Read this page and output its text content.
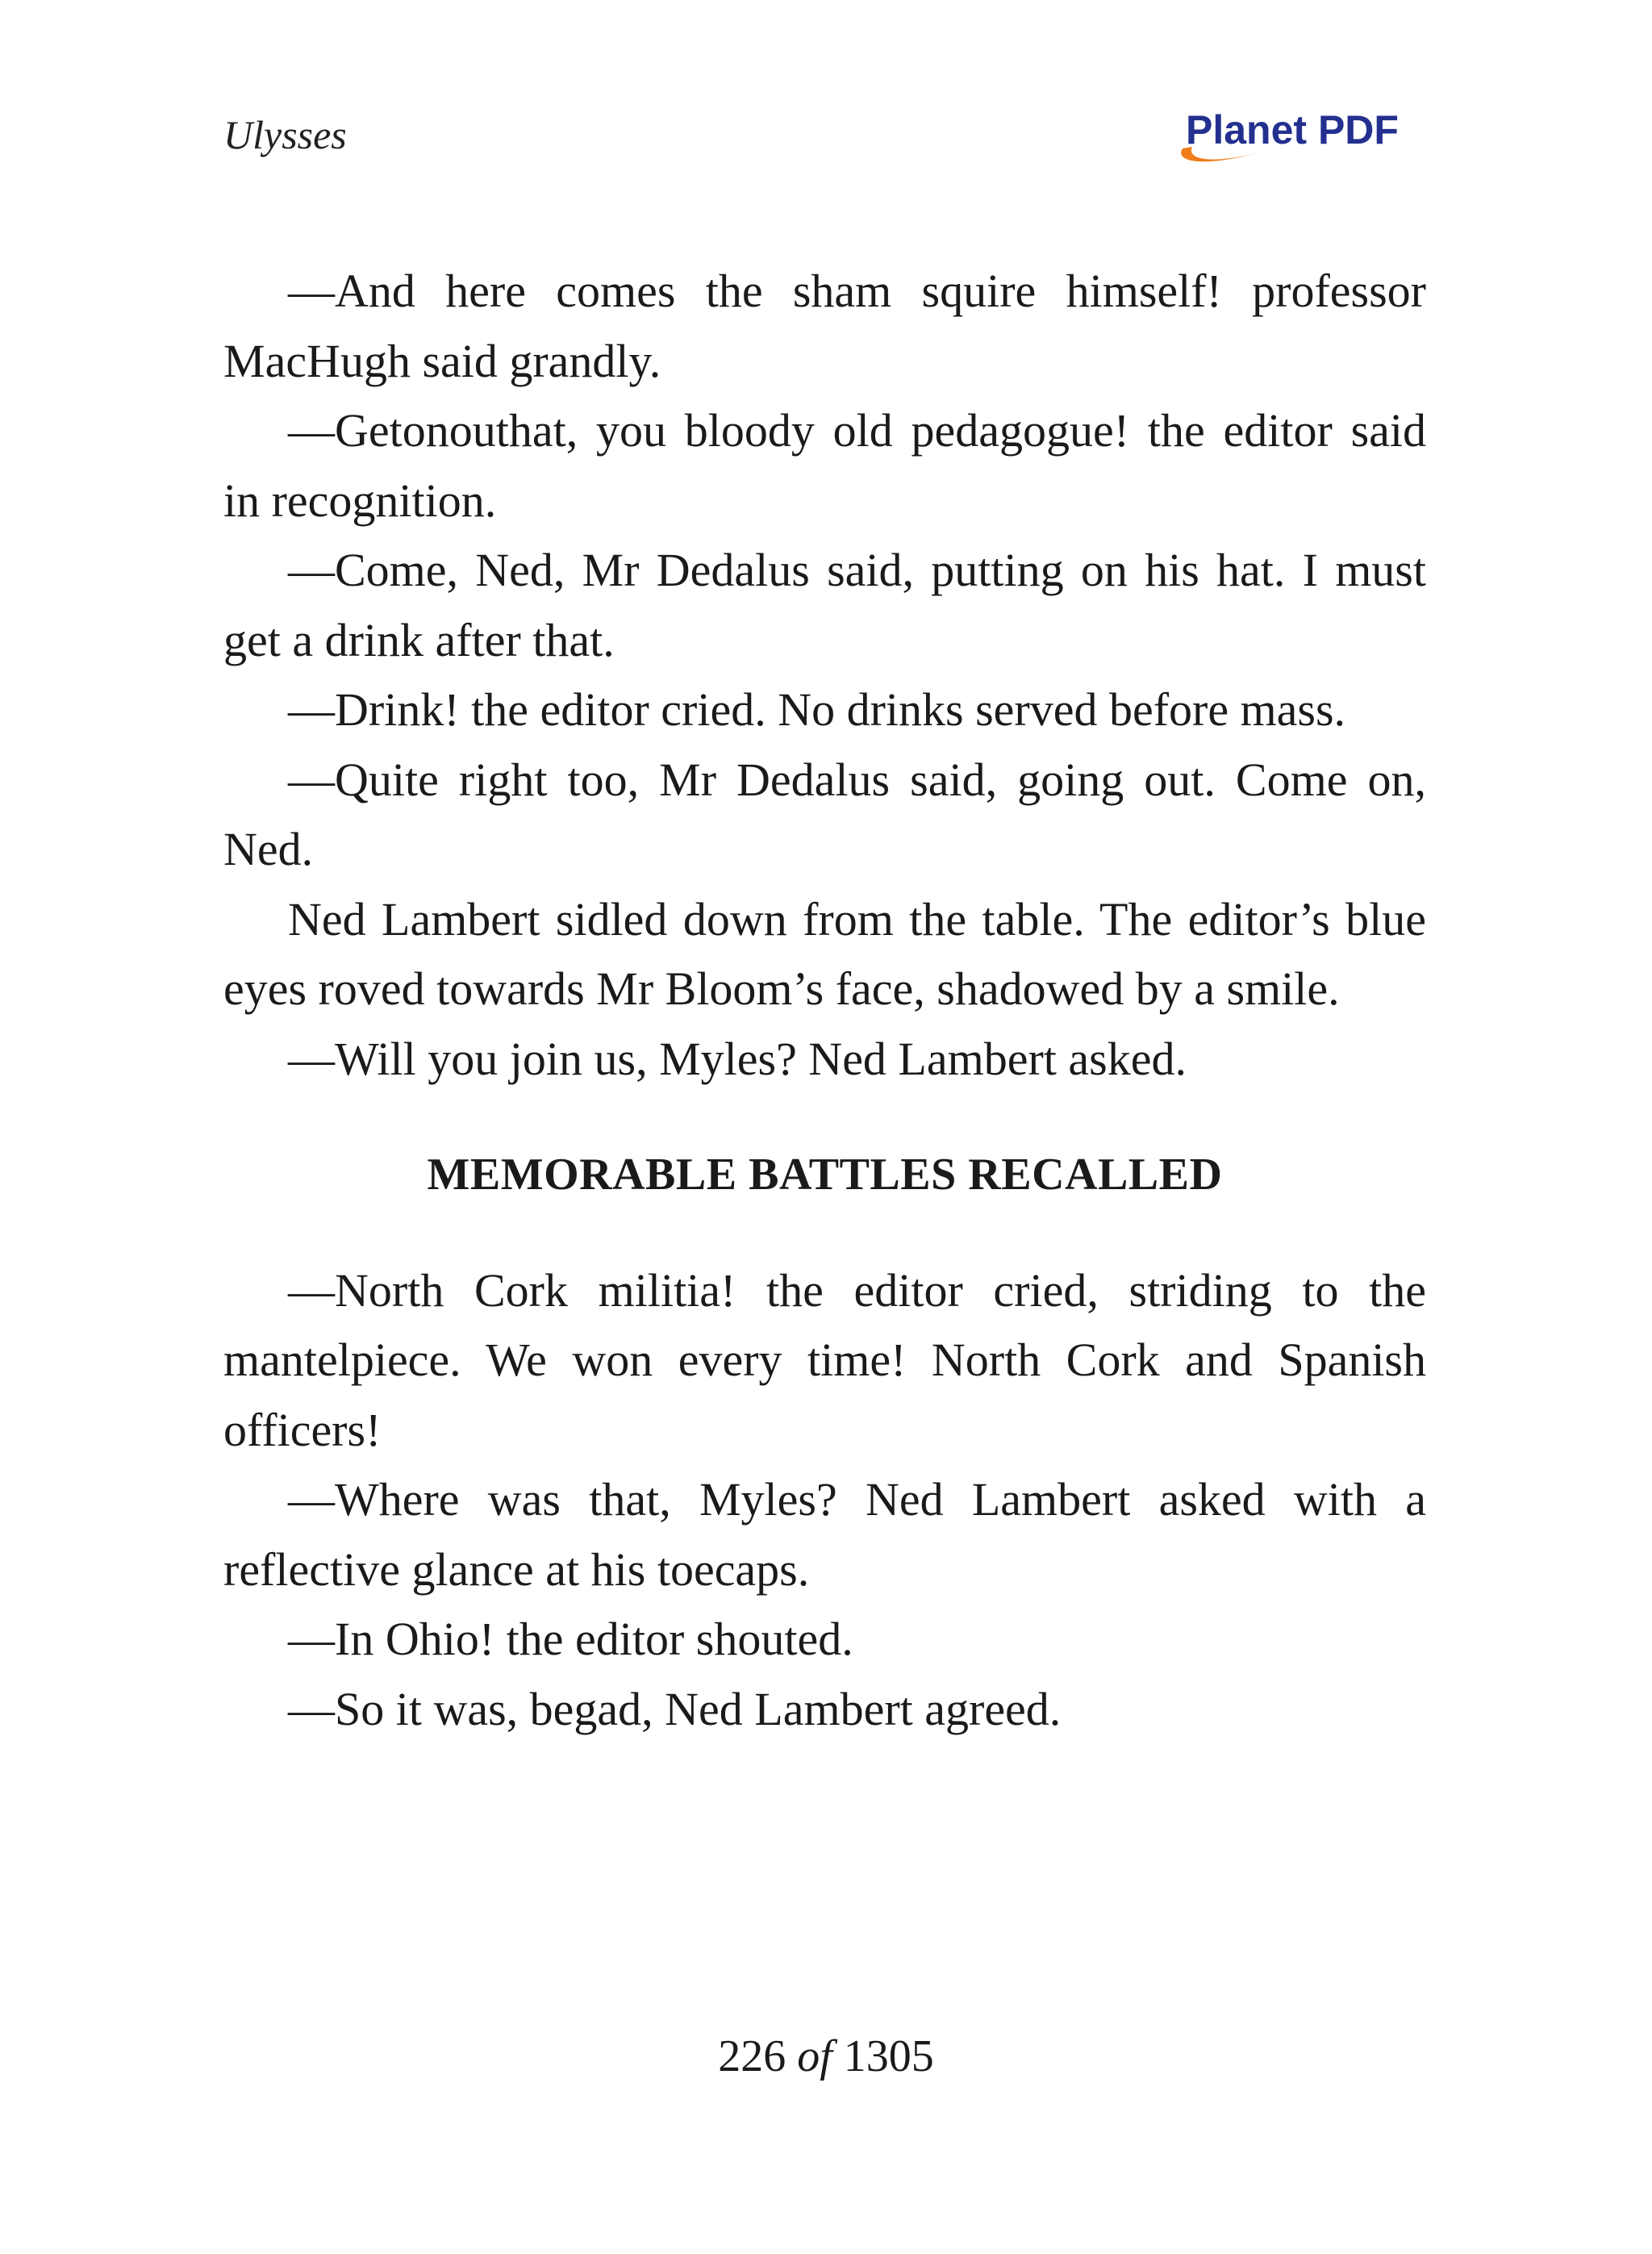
Ulysses	Planet PDF

—And here comes the sham squire himself! professor MacHugh said grandly.

—Getonouthat, you bloody old pedagogue! the editor said in recognition.

—Come, Ned, Mr Dedalus said, putting on his hat. I must get a drink after that.

—Drink! the editor cried. No drinks served before mass.

—Quite right too, Mr Dedalus said, going out. Come on, Ned.

Ned Lambert sidled down from the table. The editor’s blue eyes roved towards Mr Bloom’s face, shadowed by a smile.

—Will you join us, Myles? Ned Lambert asked.

MEMORABLE BATTLES RECALLED

—North Cork militia! the editor cried, striding to the mantelpiece. We won every time! North Cork and Spanish officers!

—Where was that, Myles? Ned Lambert asked with a reflective glance at his toecaps.

—In Ohio! the editor shouted.

—So it was, begad, Ned Lambert agreed.

226 of 1305
